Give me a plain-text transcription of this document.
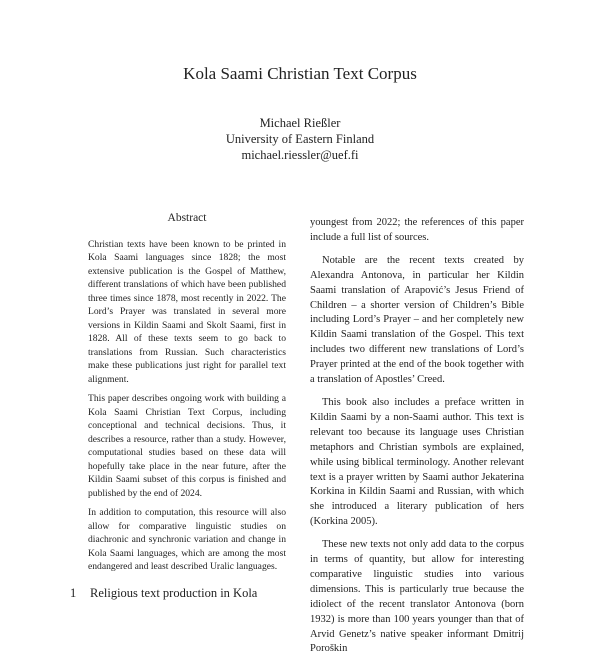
Kola Saami Christian Text Corpus
Michael Rießler
University of Eastern Finland
michael.riessler@uef.fi
Abstract

Christian texts have been known to be printed in Kola Saami languages since 1828; the most extensive publication is the Gospel of Matthew, different translations of which have been published three times since 1878, most recently in 2022. The Lord’s Prayer was translated in several more versions in Kildin Saami and Skolt Saami, first in 1828. All of these texts seem to go back to translations from Russian. Such characteristics make these publications just right for parallel text alignment.

This paper describes ongoing work with building a Kola Saami Christian Text Corpus, including conceptional and technical decisions. Thus, it describes a resource, rather than a study. However, computational studies based on these data will hopefully take place in the near future, after the Kildin Saami subset of this corpus is finished and published by the end of 2024.

In addition to computation, this resource will also allow for comparative linguistic studies on diachronic and synchronic variation and change in Kola Saami languages, which are among the most endangered and least described Uralic languages.

1 Religious text production in Kola

youngest from 2022; the references of this paper include a full list of sources.

Notable are the recent texts created by Alexandra Antonova, in particular her Kildin Saami translation of Arapović’s Jesus Friend of Children – a shorter version of Children’s Bible including Lord’s Prayer – and her completely new Kildin Saami translation of the Gospel. This text includes two different new translations of Lord’s Prayer printed at the end of the book together with a translation of Apostles’ Creed.

This book also includes a preface written in Kildin Saami by a non-Saami author. This text is relevant too because its language uses Christian metaphors and Christian symbols are explained, while using biblical terminology. Another relevant text is a prayer written by Saami author Jekaterina Korkina in Kildin Saami and Russian, with which she introduced a literary publication of hers (Korkina 2005).

These new texts not only add data to the corpus in terms of quantity, but allow for interesting comparative linguistic studies into various dimensions. This is particularly true because the idiolect of the recent translator Antonova (born 1932) is more than 100 years younger than that of Arvid Genetz’s native speaker informant Dmitrij Poroškin
